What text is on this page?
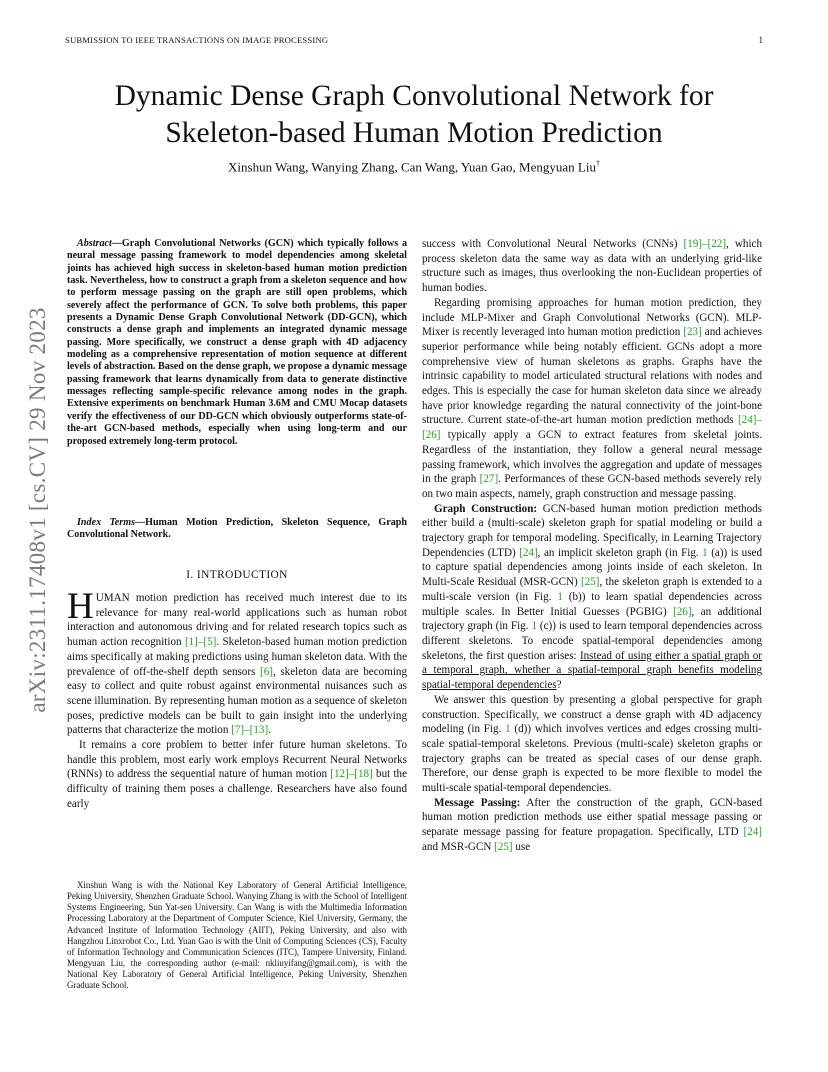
SUBMISSION TO IEEE TRANSACTIONS ON IMAGE PROCESSING	1
Dynamic Dense Graph Convolutional Network for
Skeleton-based Human Motion Prediction
Xinshun Wang, Wanying Zhang, Can Wang, Yuan Gao, Mengyuan Liu†
arXiv:2311.17408v1 [cs.CV] 29 Nov 2023
Abstract—Graph Convolutional Networks (GCN) which typically follows a neural message passing framework to model dependencies among skeletal joints has achieved high success in skeleton-based human motion prediction task. Nevertheless, how to construct a graph from a skeleton sequence and how to perform message passing on the graph are still open problems, which severely affect the performance of GCN. To solve both problems, this paper presents a Dynamic Dense Graph Convolutional Network (DD-GCN), which constructs a dense graph and implements an integrated dynamic message passing. More specifically, we construct a dense graph with 4D adjacency modeling as a comprehensive representation of motion sequence at different levels of abstraction. Based on the dense graph, we propose a dynamic message passing framework that learns dynamically from data to generate distinctive messages reflecting sample-specific relevance among nodes in the graph. Extensive experiments on benchmark Human 3.6M and CMU Mocap datasets verify the effectiveness of our DD-GCN which obviously outperforms state-of-the-art GCN-based methods, especially when using long-term and our proposed extremely long-term protocol.
Index Terms—Human Motion Prediction, Skeleton Sequence, Graph Convolutional Network.
I. INTRODUCTION

HUMAN motion prediction has received much interest due to its relevance for many real-world applications such as human robot interaction and autonomous driving and for related research topics such as human action recognition [1]–[5]. Skeleton-based human motion prediction aims specifically at making predictions using human skeleton data. With the prevalence of off-the-shelf depth sensors [6], skeleton data are becoming easy to collect and quite robust against environmental nuisances such as scene illumination. By representing human motion as a sequence of skeleton poses, predictive models can be built to gain insight into the underlying patterns that characterize the motion [7]–[13].

It remains a core problem to better infer future human skeletons. To handle this problem, most early work employs Recurrent Neural Networks (RNNs) to address the sequential nature of human motion [12]–[18] but the difficulty of training them poses a challenge. Researchers have also found early

Xinshun Wang is with the National Key Laboratory of General Artificial Intelligence, Peking University, Shenzhen Graduate School. Wanying Zhang is with the School of Intelligent Systems Engineering, Sun Yat-sen University. Can Wang is with the Multimedia Information Processing Laboratory at the Department of Computer Science, Kiel University, Germany, the Advanced Institute of Information Technology (AIIT), Peking University, and also with Hangzhou Linxrobot Co., Ltd. Yuan Gao is with the Unit of Computing Sciences (CS), Faculty of Information Technology and Communication Sciences (ITC), Tampere University, Finland. Mengyuan Liu, the corresponding author (e-mail: nkliuyifang@gmail.com), is with the National Key Laboratory of General Artificial Intelligence, Peking University, Shenzhen Graduate School.

success with Convolutional Neural Networks (CNNs) [19]–[22], which process skeleton data the same way as data with an underlying grid-like structure such as images, thus overlooking the non-Euclidean properties of human bodies.

Regarding promising approaches for human motion prediction, they include MLP-Mixer and Graph Convolutional Networks (GCN). MLP-Mixer is recently leveraged into human motion prediction [23] and achieves superior performance while being notably efficient. GCNs adopt a more comprehensive view of human skeletons as graphs. Graphs have the intrinsic capability to model articulated structural relations with nodes and edges. This is especially the case for human skeleton data since we already have prior knowledge regarding the natural connectivity of the joint-bone structure. Current state-of-the-art human motion prediction methods [24]–[26] typically apply a GCN to extract features from skeletal joints. Regardless of the instantiation, they follow a general neural message passing framework, which involves the aggregation and update of messages in the graph [27]. Performances of these GCN-based methods severely rely on two main aspects, namely, graph construction and message passing.

Graph Construction: GCN-based human motion prediction methods either build a (multi-scale) skeleton graph for spatial modeling or build a trajectory graph for temporal modeling. Specifically, in Learning Trajectory Dependencies (LTD) [24], an implicit skeleton graph (in Fig. 1 (a)) is used to capture spatial dependencies among joints inside of each skeleton. In Multi-Scale Residual (MSR-GCN) [25], the skeleton graph is extended to a multi-scale version (in Fig. 1 (b)) to learn spatial dependencies across multiple scales. In Better Initial Guesses (PGBIG) [26], an additional trajectory graph (in Fig. 1 (c)) is used to learn temporal dependencies across different skeletons. To encode spatial-temporal dependencies among skeletons, the first question arises: Instead of using either a spatial graph or a temporal graph, whether a spatial-temporal graph benefits modeling spatial-temporal dependencies?

We answer this question by presenting a global perspective for graph construction. Specifically, we construct a dense graph with 4D adjacency modeling (in Fig. 1 (d)) which involves vertices and edges crossing multi-scale spatial-temporal skeletons. Previous (multi-scale) skeleton graphs or trajectory graphs can be treated as special cases of our dense graph. Therefore, our dense graph is expected to be more flexible to model the multi-scale spatial-temporal dependencies.

Message Passing: After the construction of the graph, GCN-based human motion prediction methods use either spatial message passing or separate message passing for feature propagation. Specifically, LTD [24] and MSR-GCN [25] use
